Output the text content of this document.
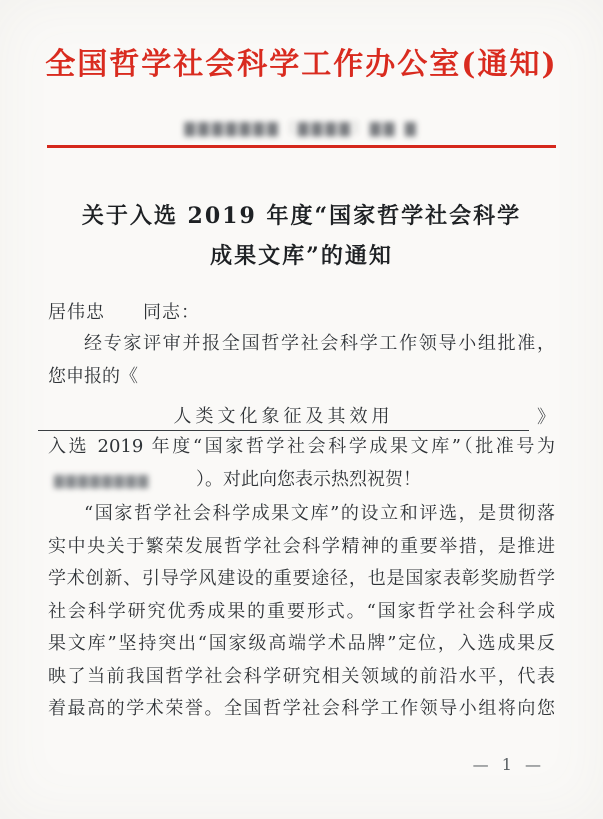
全国哲学社会科学工作办公室(通知)
▇▇▇▇▇▇▇〔▇▇▇▇〕▇▇ ▇
关于入选 2019 年度“国家哲学社会科学
成果文库”的通知
居伟忠　　同志：
经专家评审并报全国哲学社会科学工作领导小组批准，
您申报的《
人类文化象征及其效用	》
入选 2019 年度“国家哲学社会科学成果文库”（批准号为
▇▇▇▇▇▇▇▇	）。对此向您表示热烈祝贺！
“国家哲学社会科学成果文库”的设立和评选，是贯彻落
实中央关于繁荣发展哲学社会科学精神的重要举措，是推进
学术创新、引导学风建设的重要途径，也是国家表彰奖励哲学
社会科学研究优秀成果的重要形式。“国家哲学社会科学成
果文库”坚持突出“国家级高端学术品牌”定位，入选成果反
映了当前我国哲学社会科学研究相关领域的前沿水平，代表
着最高的学术荣誉。全国哲学社会科学工作领导小组将向您
— 1 —
